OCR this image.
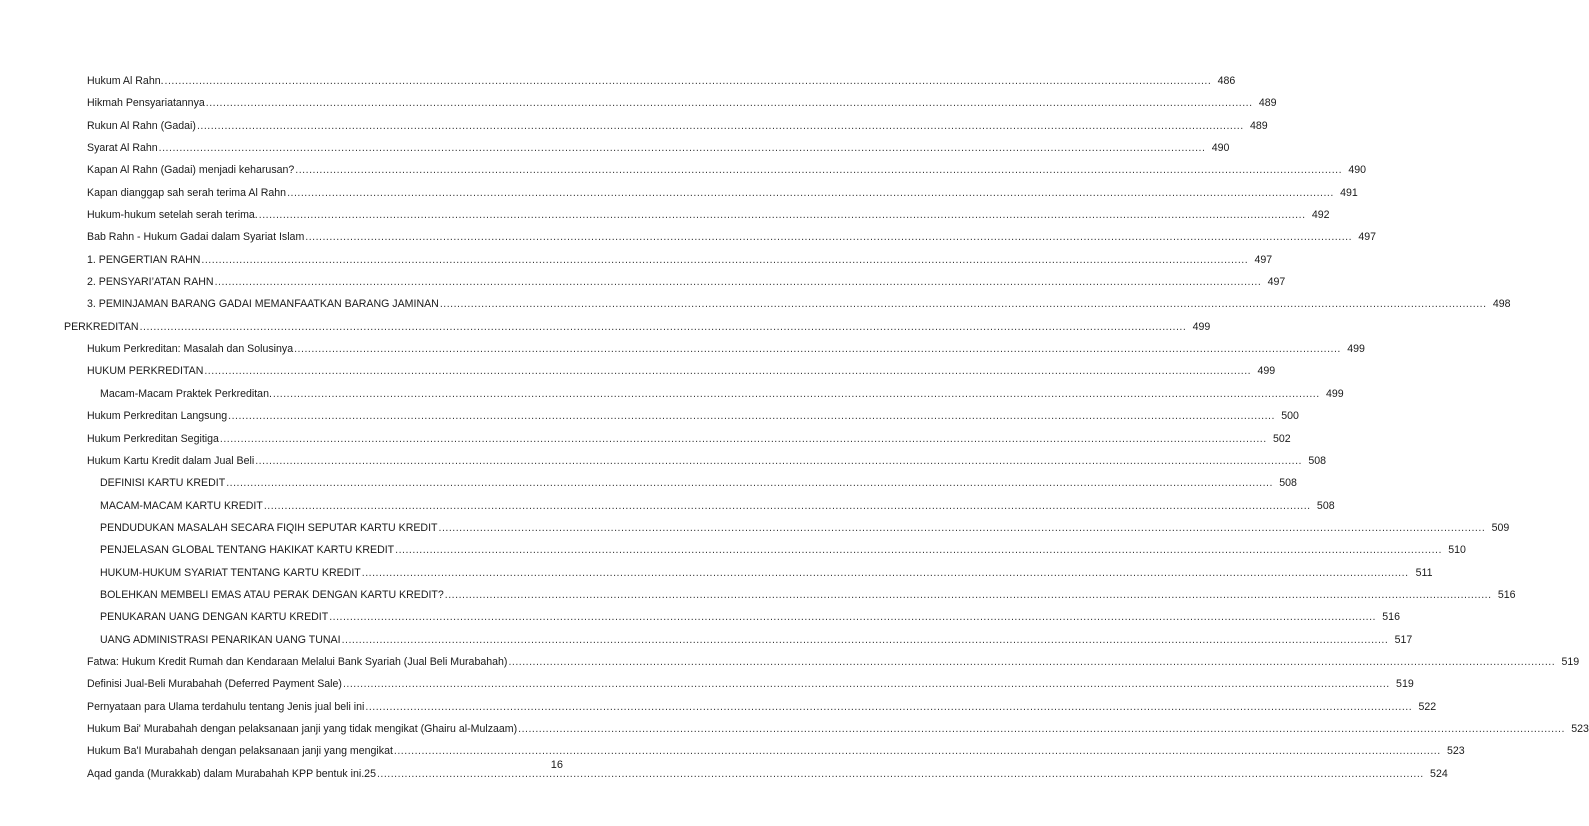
Hukum Al Rahn. .....	486
Hikmah Pensyariatannya .....	489
Rukun Al Rahn (Gadai) .....	489
Syarat Al Rahn .....	490
Kapan Al Rahn (Gadai) menjadi keharusan? .....	490
Kapan dianggap sah serah terima Al Rahn .....	491
Hukum-hukum setelah serah terima. .....	492
Bab Rahn - Hukum Gadai dalam Syariat Islam .....	497
1. PENGERTIAN RAHN .....	497
2. PENSYARI’ATAN RAHN .....	497
3. PEMINJAMAN BARANG GADAI MEMANFAATKAN BARANG JAMINAN .....	498
PERKREDITAN .....	499
Hukum Perkreditan: Masalah dan Solusinya .....	499
HUKUM PERKREDITAN .....	499
Macam-Macam Praktek Perkreditan. .....	499
Hukum Perkreditan Langsung .....	500
Hukum Perkreditan Segitiga .....	502
Hukum Kartu Kredit dalam Jual Beli .....	508
DEFINISI KARTU KREDIT .....	508
MACAM-MACAM KARTU KREDIT .....	508
PENDUDUKAN MASALAH SECARA FIQIH SEPUTAR KARTU KREDIT .....	509
PENJELASAN GLOBAL TENTANG HAKIKAT KARTU KREDIT .....	510
HUKUM-HUKUM SYARIAT TENTANG KARTU KREDIT .....	511
BOLEHKAN MEMBELI EMAS ATAU PERAK DENGAN KARTU KREDIT? .....	516
PENUKARAN UANG DENGAN KARTU KREDIT .....	516
UANG ADMINISTRASI PENARIKAN UANG TUNAI .....	517
Fatwa: Hukum Kredit Rumah dan Kendaraan Melalui Bank Syariah (Jual Beli Murabahah) .....	519
Definisi Jual-Beli Murabahah (Deferred Payment Sale) .....	519
Pernyataan para Ulama terdahulu tentang Jenis jual beli ini .....	522
Hukum Bai' Murabahah dengan pelaksanaan janji yang tidak mengikat (Ghairu al-Mulzaam) .....	523
Hukum Ba'I Murabahah dengan pelaksanaan janji yang mengikat .....	523
Aqad ganda (Murakkab) dalam Murabahah KPP bentuk ini.25 .....	524
16
